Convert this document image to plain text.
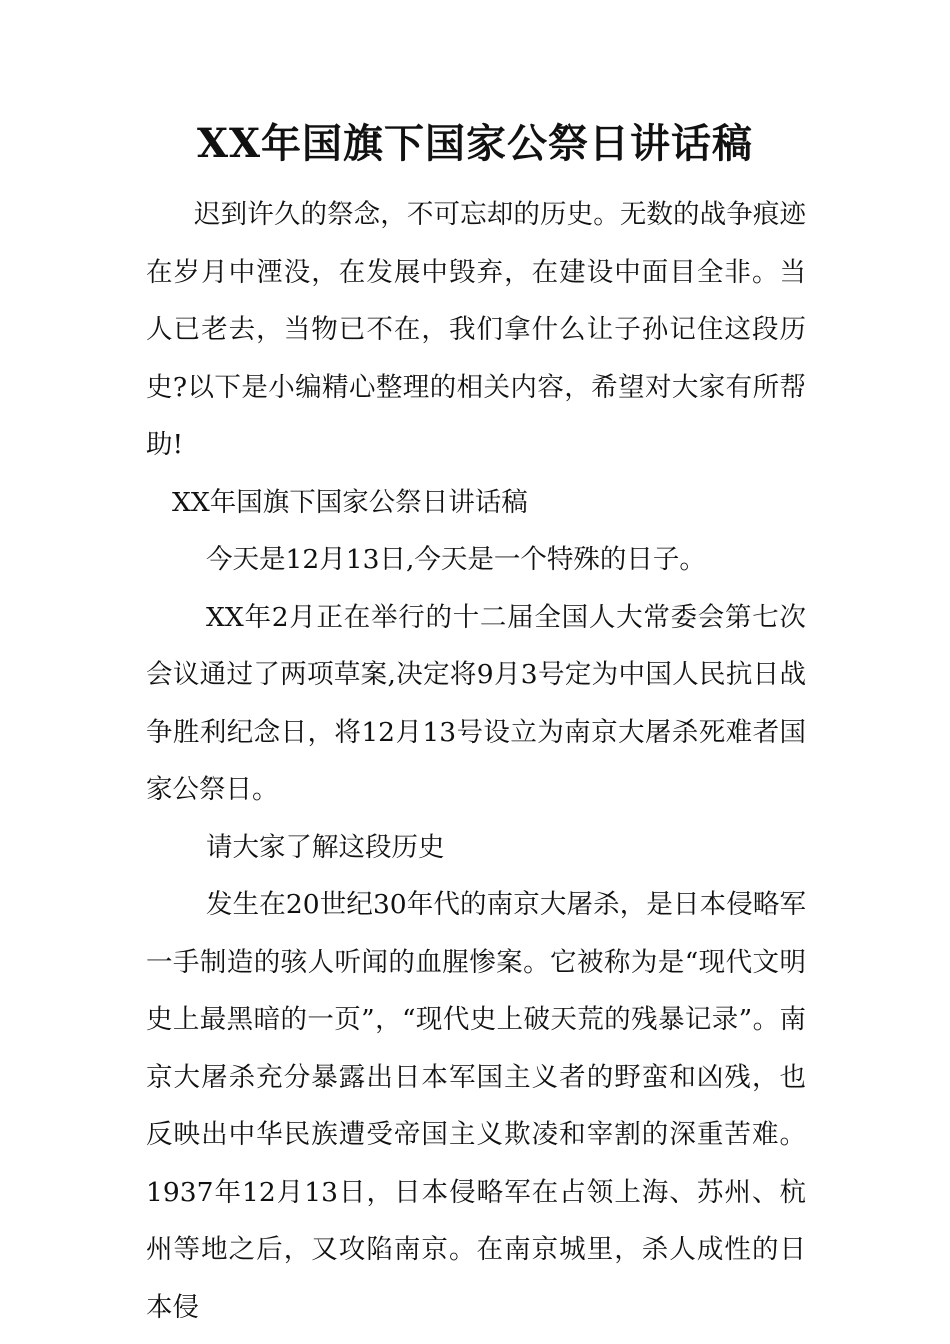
XX年国旗下国家公祭日讲话稿

迟到许久的祭念，不可忘却的历史。无数的战争痕迹在岁月中湮没，在发展中毁弃，在建设中面目全非。当人已老去，当物已不在，我们拿什么让子孙记住这段历史?以下是小编精心整理的相关内容，希望对大家有所帮助!

XX年国旗下国家公祭日讲话稿

今天是12月13日,今天是一个特殊的日子。

XX年2月正在举行的十二届全国人大常委会第七次会议通过了两项草案,决定将9月3号定为中国人民抗日战争胜利纪念日，将12月13号设立为南京大屠杀死难者国家公祭日。

请大家了解这段历史

发生在20世纪30年代的南京大屠杀，是日本侵略军一手制造的骇人听闻的血腥惨案。它被称为是“现代文明史上最黑暗的一页”，“现代史上破天荒的残暴记录”。南京大屠杀充分暴露出日本军国主义者的野蛮和凶残，也反映出中华民族遭受帝国主义欺凌和宰割的深重苦难。1937年12月13日，日本侵略军在占领上海、苏州、杭州等地之后，又攻陷南京。在南京城里，杀人成性的日本侵
